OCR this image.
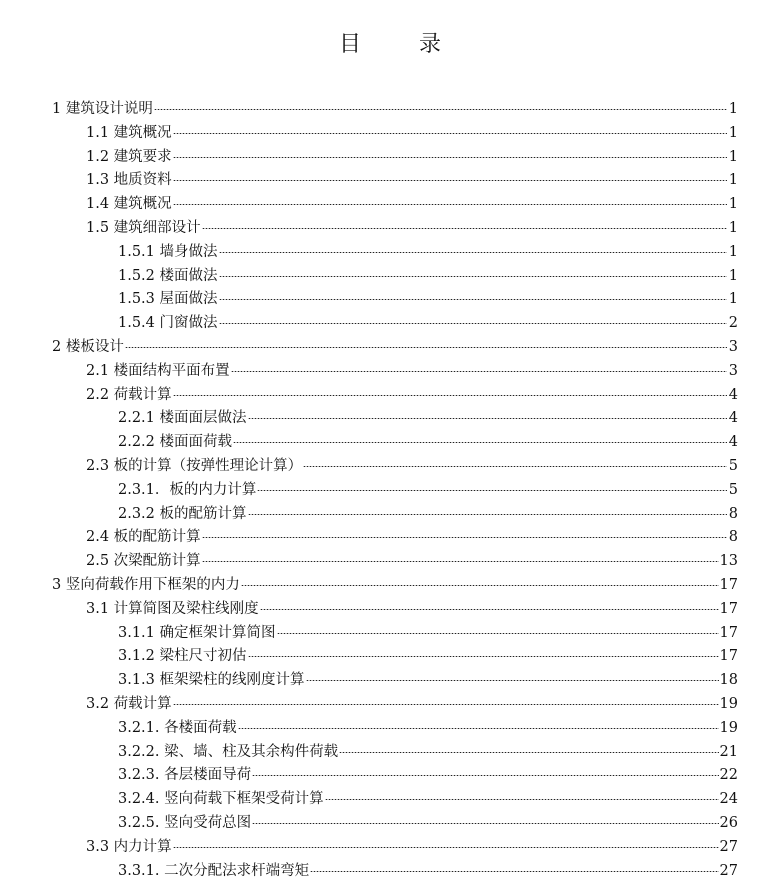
目　录
1 建筑设计说明	1
1.1 建筑概况	1
1.2 建筑要求	1
1.3 地质资料	1
1.4 建筑概况	1
1.5 建筑细部设计	1
1.5.1 墙身做法	1
1.5.2 楼面做法	1
1.5.3 屋面做法	1
1.5.4 门窗做法	2
2 楼板设计	3
2.1 楼面结构平面布置	3
2.2 荷载计算	4
2.2.1 楼面面层做法	4
2.2.2 楼面面荷载	4
2.3 板的计算（按弹性理论计算）	5
2.3.1．板的内力计算	5
2.3.2 板的配筋计算	8
2.4 板的配筋计算	8
2.5 次梁配筋计算	13
3 竖向荷载作用下框架的内力	17
3.1 计算简图及梁柱线刚度	17
3.1.1 确定框架计算简图	17
3.1.2 梁柱尺寸初估	17
3.1.3 框架梁柱的线刚度计算	18
3.2 荷载计算	19
3.2.1. 各楼面荷载	19
3.2.2. 梁、墙、柱及其余构件荷载	21
3.2.3. 各层楼面导荷	22
3.2.4. 竖向荷载下框架受荷计算	24
3.2.5. 竖向受荷总图	26
3.3 内力计算	27
3.3.1. 二次分配法求杆端弯矩	27
